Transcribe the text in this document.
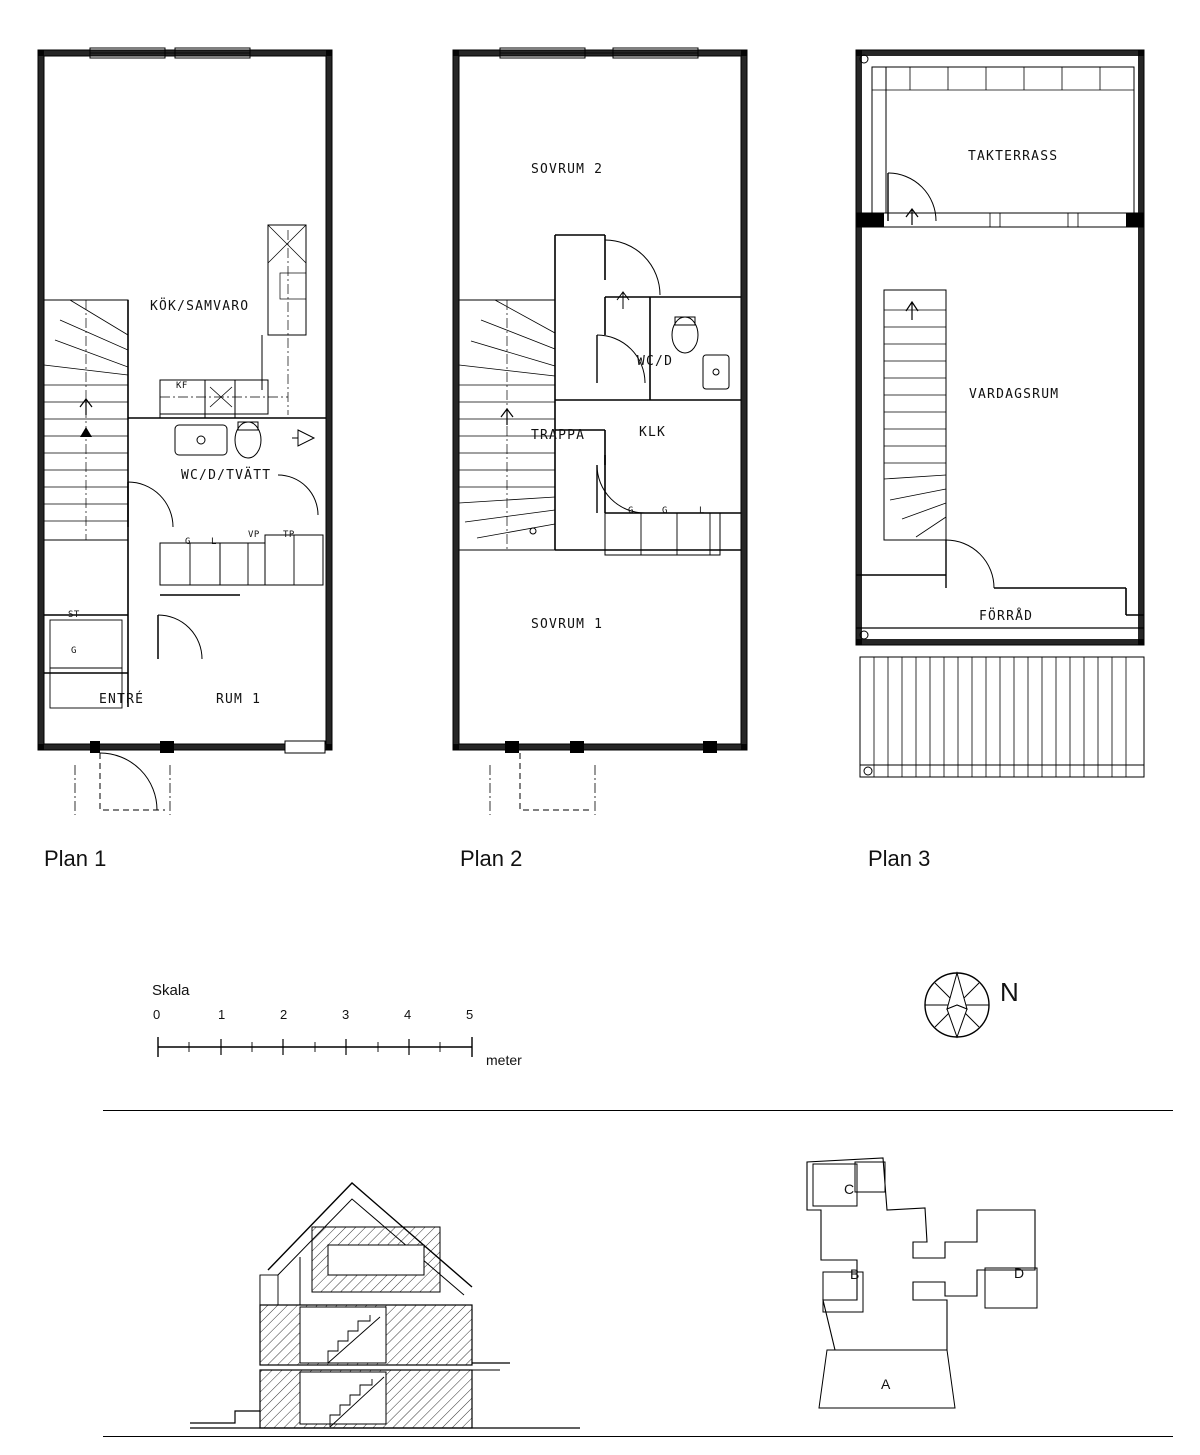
KÖK/SAMVARO
WC/D/TVÄTT
ENTRÉ	RUM 1
KF
ST
G
G L
VP	TP
Plan 1
SOVRUM 2
WC/D
TRAPPA	KLK
SOVRUM 1
G	G	L
Plan 2
TAKTERRASS
VARDAGSRUM
FÖRRÅD
Plan 3
Skala
0	1	2	3	4	5
meter
N
C
B	D
A
